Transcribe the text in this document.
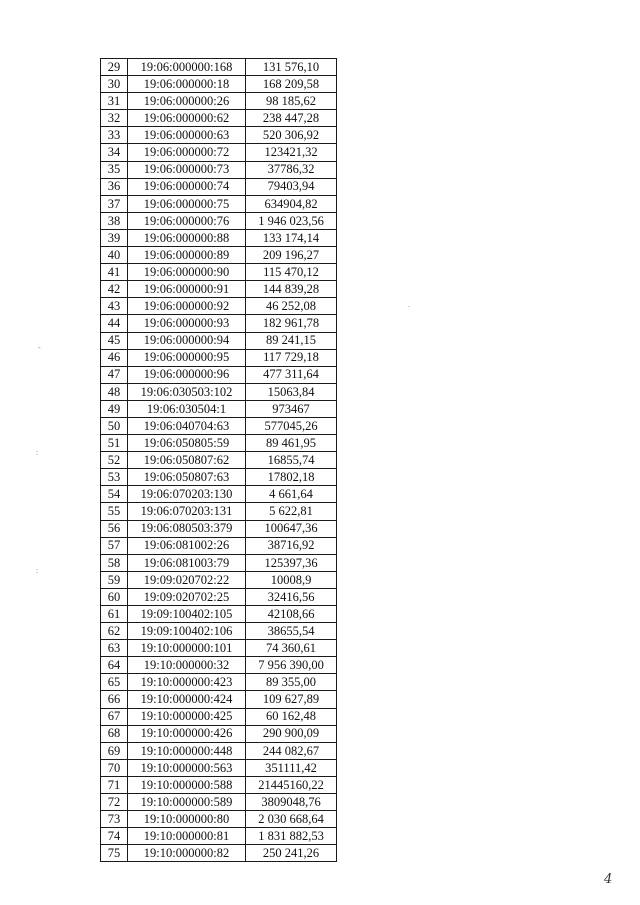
29	19:06:000000:168	131 576,10
30	19:06:000000:18	168 209,58
31	19:06:000000:26	98 185,62
32	19:06:000000:62	238 447,28
33	19:06:000000:63	520 306,92
34	19:06:000000:72	123421,32
35	19:06:000000:73	37786,32
36	19:06:000000:74	79403,94
37	19:06:000000:75	634904,82
38	19:06:000000:76	1 946 023,56
39	19:06:000000:88	133 174,14
40	19:06:000000:89	209 196,27
41	19:06:000000:90	115 470,12
42	19:06:000000:91	144 839,28
43	19:06:000000:92	46 252,08
44	19:06:000000:93	182 961,78
45	19:06:000000:94	89 241,15
46	19:06:000000:95	117 729,18
47	19:06:000000:96	477 311,64
48	19:06:030503:102	15063,84
49	19:06:030504:1	973467
50	19:06:040704:63	577045,26
51	19:06:050805:59	89 461,95
52	19:06:050807:62	16855,74
53	19:06:050807:63	17802,18
54	19:06:070203:130	4 661,64
55	19:06:070203:131	5 622,81
56	19:06:080503:379	100647,36
57	19:06:081002:26	38716,92
58	19:06:081003:79	125397,36
59	19:09:020702:22	10008,9
60	19:09:020702:25	32416,56
61	19:09:100402:105	42108,66
62	19:09:100402:106	38655,54
63	19:10:000000:101	74 360,61
64	19:10:000000:32	7 956 390,00
65	19:10:000000:423	89 355,00
66	19:10:000000:424	109 627,89
67	19:10:000000:425	60 162,48
68	19:10:000000:426	290 900,09
69	19:10:000000:448	244 082,67
70	19:10:000000:563	351111,42
71	19:10:000000:588	21445160,22
72	19:10:000000:589	3809048,76
73	19:10:000000:80	2 030 668,64
74	19:10:000000:81	1 831 882,53
75	19:10:000000:82	250 241,26
-
:
:
.
4
